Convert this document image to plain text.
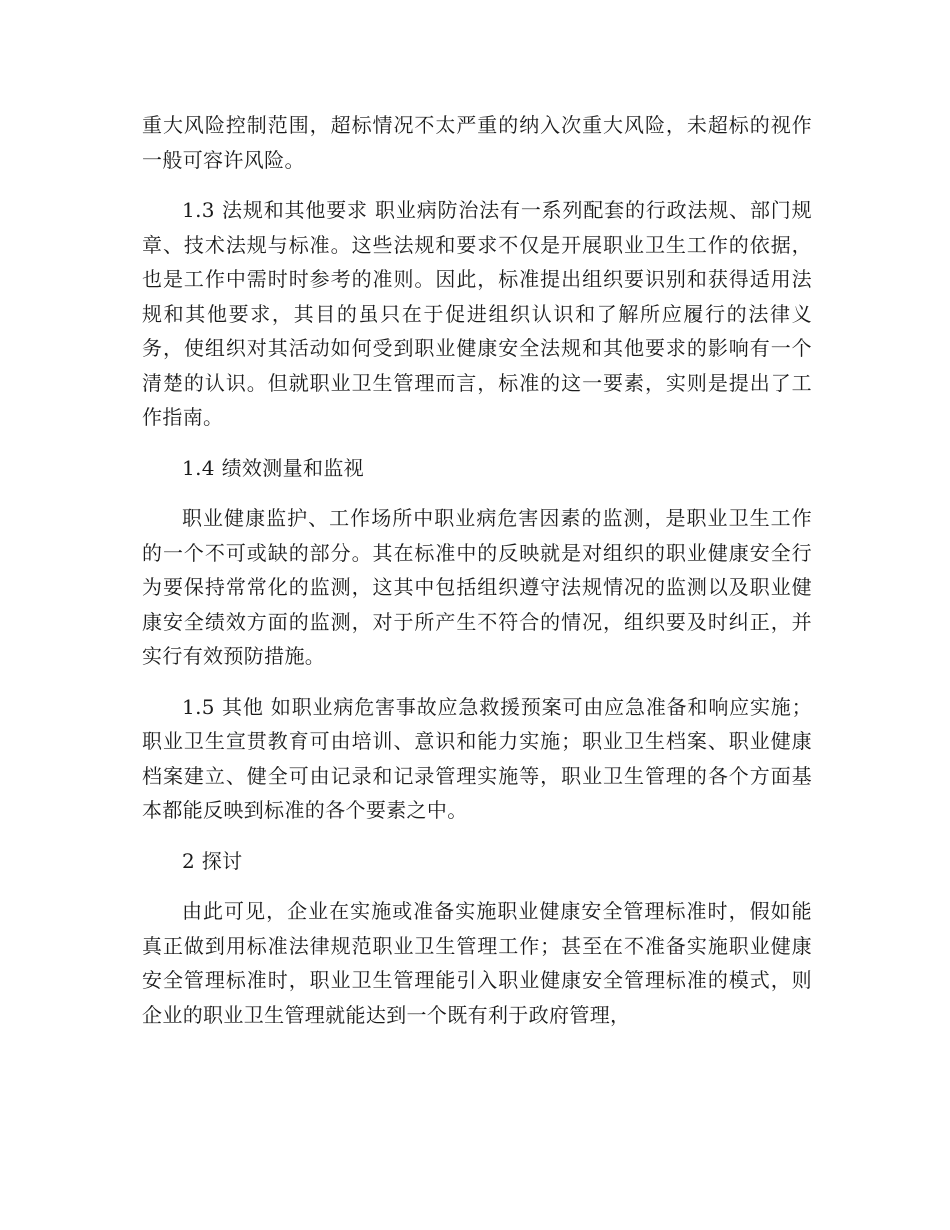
重大风险控制范围，超标情况不太严重的纳入次重大风险，未超标的视作一般可容许风险。

1.3 法规和其他要求 职业病防治法有一系列配套的行政法规、部门规章、技术法规与标准。这些法规和要求不仅是开展职业卫生工作的依据，也是工作中需时时参考的准则。因此，标准提出组织要识别和获得适用法规和其他要求，其目的虽只在于促进组织认识和了解所应履行的法律义务，使组织对其活动如何受到职业健康安全法规和其他要求的影响有一个清楚的认识。但就职业卫生管理而言，标准的这一要素，实则是提出了工作指南。

1.4 绩效测量和监视

职业健康监护、工作场所中职业病危害因素的监测，是职业卫生工作的一个不可或缺的部分。其在标准中的反映就是对组织的职业健康安全行为要保持常常化的监测，这其中包括组织遵守法规情况的监测以及职业健康安全绩效方面的监测，对于所产生不符合的情况，组织要及时纠正，并实行有效预防措施。

1.5 其他 如职业病危害事故应急救援预案可由应急准备和响应实施；职业卫生宣贯教育可由培训、意识和能力实施；职业卫生档案、职业健康档案建立、健全可由记录和记录管理实施等，职业卫生管理的各个方面基本都能反映到标准的各个要素之中。

2 探讨

由此可见，企业在实施或准备实施职业健康安全管理标准时，假如能真正做到用标准法律规范职业卫生管理工作；甚至在不准备实施职业健康安全管理标准时，职业卫生管理能引入职业健康安全管理标准的模式，则企业的职业卫生管理就能达到一个既有利于政府管理，
